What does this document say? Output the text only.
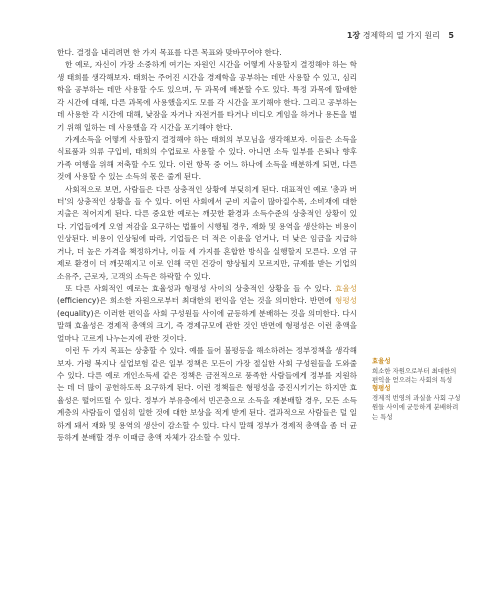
1장 경제학의 열 가지 원리 5

한다. 결정을 내리려면 한 가지 목표를 다른 목표와 맞바꾸어야 한다.

한 예로, 자신이 가장 소중하게 여기는 자원인 시간을 어떻게 사용할지 결정해야 하는 학생 태희를 생각해보자. 태희는 주어진 시간을 경제학을 공부하는 데만 사용할 수 있고, 심리학을 공부하는 데만 사용할 수도 있으며, 두 과목에 배분할 수도 있다. 특정 과목에 할애한 각 시간에 대해, 다른 과목에 사용했을지도 모를 각 시간을 포기해야 한다. 그리고 공부하는 데 사용한 각 시간에 대해, 낮잠을 자거나 자전거를 타거나 비디오 게임을 하거나 용돈을 벌기 위해 일하는 데 사용했을 각 시간을 포기해야 한다.

가계소득을 어떻게 사용할지 결정해야 하는 태희의 부모님을 생각해보자. 이들은 소득을 식료품과 의류 구입비, 태희의 수업료로 사용할 수 있다. 아니면 소득 일부를 은퇴나 향후 가족 여행을 위해 저축할 수도 있다. 이런 항목 중 어느 하나에 소득을 배분하게 되면, 다른 것에 사용할 수 있는 소득의 몫은 줄게 된다.

사회적으로 보면, 사람들은 다른 상충적인 상황에 부딪히게 된다. 대표적인 예로 '총과 버터'의 상충적인 상황을 들 수 있다. 어떤 사회에서 군비 지출이 많아질수록, 소비재에 대한 지출은 적어지게 된다. 다른 중요한 예로는 깨끗한 환경과 소득수준의 상충적인 상황이 있다. 기업들에게 오염 저감을 요구하는 법률이 시행될 경우, 재화 및 용역을 생산하는 비용이 인상된다. 비용이 인상됨에 따라, 기업들은 더 적은 이윤을 얻거나, 더 낮은 임금을 지급하거나, 더 높은 가격을 책정하거나, 이들 세 가지를 혼합한 방식을 실행할지 모른다. 오염 규제로 환경이 더 깨끗해지고 이로 인해 국민 건강이 향상될지 모르지만, 규제를 받는 기업의 소유주, 근로자, 고객의 소득은 하락할 수 있다.

또 다른 사회적인 예로는 효율성과 형평성 사이의 상충적인 상황을 들 수 있다. 효율성(efficiency)은 희소한 자원으로부터 최대한의 편익을 얻는 것을 의미한다. 반면에 형평성(equality)은 이러한 편익을 사회 구성원들 사이에 균등하게 분배하는 것을 의미한다. 다시 말해 효율성은 경제적 총액의 크기, 즉 경제규모에 관한 것인 반면에 형평성은 이런 총액을 얼마나 고르게 나누는지에 관한 것이다.

이런 두 가지 목표는 상충할 수 있다. 예를 들어 불평등을 해소하려는 정부정책을 생각해보자. 가령 복지나 실업보험 같은 일부 정책은 모든이 가장 절실한 사회 구성원들을 도와줄 수 있다. 다른 예로 개인소득세 같은 정책은 금전적으로 풍족한 사람들에게 정부를 지원하는 데 더 많이 공헌하도록 요구하게 된다. 이런 정책들은 형평성을 증진시키기는 하지만 효율성은 떨어뜨릴 수 있다. 정부가 부유층에서 빈곤층으로 소득을 재분배할 경우, 모든 소득 계층의 사람들이 열심히 일한 것에 대한 보상을 적게 받게 된다. 결과적으로 사람들은 덜 일하게 돼서 재화 및 용역의 생산이 감소할 수 있다. 다시 말해 정부가 경제적 총액을 좀 더 균등하게 분배할 경우 이때금 총액 자체가 감소할 수 있다.

효율성
희소한 자원으로부터 최대한의 편익을 얻으려는 사회의 특성
형평성
경제적 번영의 과실을 사회 구성원들 사이에 균등하게 분배하려는 특성
